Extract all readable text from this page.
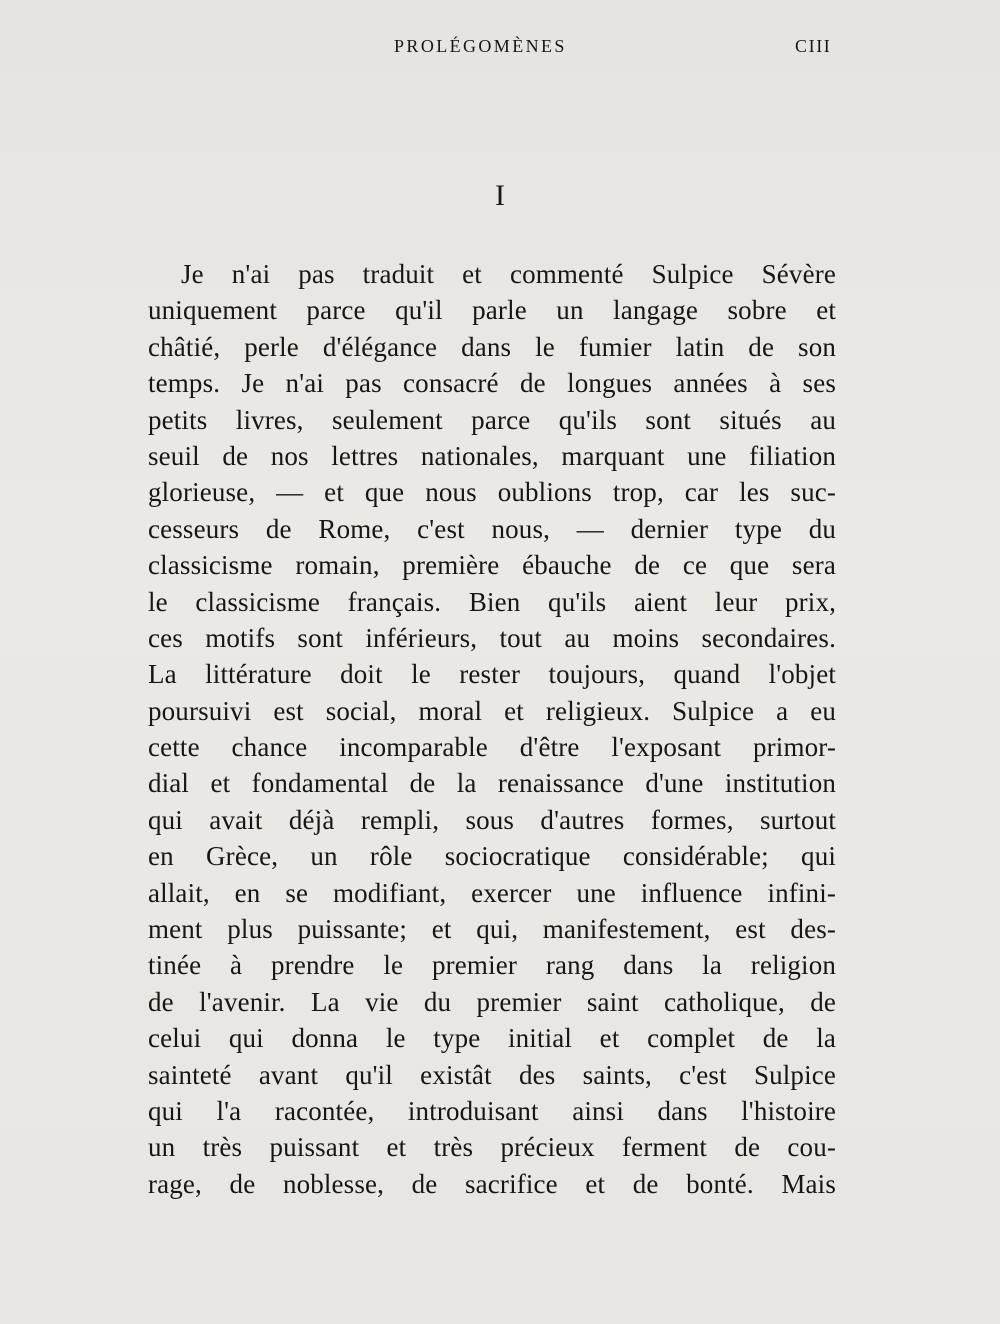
PROLÉGOMÈNES	CIII
I
Je n'ai pas traduit et commenté Sulpice Sévère
uniquement parce qu'il parle un langage sobre et
châtié, perle d'élégance dans le fumier latin de son
temps. Je n'ai pas consacré de longues années à ses
petits livres, seulement parce qu'ils sont situés au
seuil de nos lettres nationales, marquant une filiation
glorieuse, — et que nous oublions trop, car les suc-
cesseurs de Rome, c'est nous, — dernier type du
classicisme romain, première ébauche de ce que sera
le classicisme français. Bien qu'ils aient leur prix,
ces motifs sont inférieurs, tout au moins secondaires.
La littérature doit le rester toujours, quand l'objet
poursuivi est social, moral et religieux. Sulpice a eu
cette chance incomparable d'être l'exposant primor-
dial et fondamental de la renaissance d'une institution
qui avait déjà rempli, sous d'autres formes, surtout
en Grèce, un rôle sociocratique considérable; qui
allait, en se modifiant, exercer une influence infini-
ment plus puissante; et qui, manifestement, est des-
tinée à prendre le premier rang dans la religion
de l'avenir. La vie du premier saint catholique, de
celui qui donna le type initial et complet de la
sainteté avant qu'il existât des saints, c'est Sulpice
qui l'a racontée, introduisant ainsi dans l'histoire
un très puissant et très précieux ferment de cou-
rage, de noblesse, de sacrifice et de bonté. Mais
